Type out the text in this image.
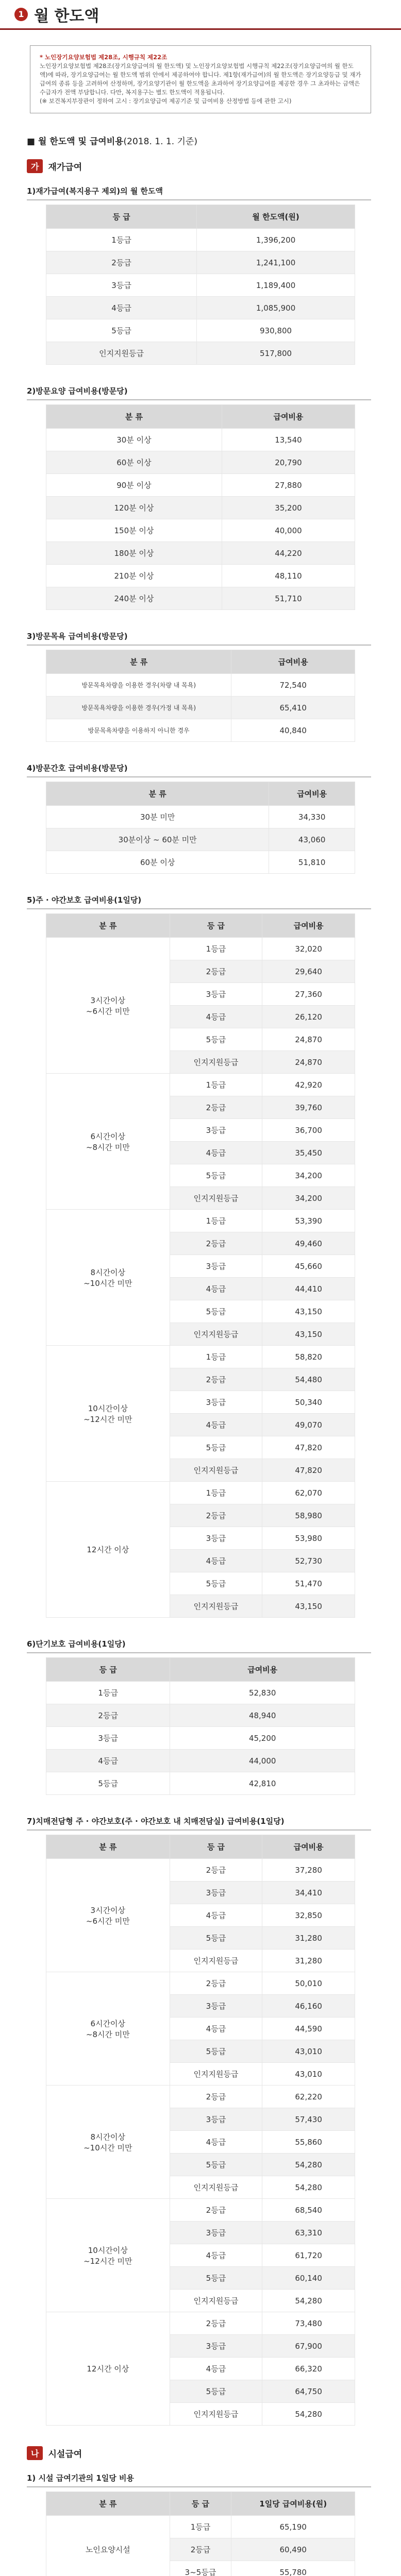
1 월 한도액

* 노인장기요양보험법 제28조, 시행규칙 제22조

노인장기요양보험법 제28조(장기요양급여의 월 한도액) 및 노인장기요양보험법 시행규칙 제22조(장기요양급여의 월 한도액)에 따라, 장기요양급여는 월 한도액 범위 안에서 제공하여야 합니다. 제1항(재가급여)의 월 한도액은 장기요양등급 및 재가급여의 종류 등을 고려하여 산정하며, 장기요양기관이 월 한도액을 초과하여 장기요양급여를 제공한 경우 그 초과하는 금액은 수급자가 전액 부담합니다. 다만, 복지용구는 별도 한도액이 적용됩니다.

(※ 보건복지부장관이 정하여 고시 : 장기요양급여 제공기준 및 급여비용 산정방법 등에 관한 고시)

■ 월 한도액 및 급여비용(2018. 1. 1. 기준)
가	재가급여
1)재가급여(복지용구 제외)의 월 한도액
등 급	월 한도액(원)
1등급	1,396,200
2등급	1,241,100
3등급	1,189,400
4등급	1,085,900
5등급	930,800
인지지원등급	517,800
2)방문요양 급여비용(방문당)
분 류	급여비용
30분 이상	13,540
60분 이상	20,790
90분 이상	27,880
120분 이상	35,200
150분 이상	40,000
180분 이상	44,220
210분 이상	48,110
240분 이상	51,710
3)방문목욕 급여비용(방문당)
분 류	급여비용
방문목욕차량을 이용한 경우(차량 내 목욕)	72,540
방문목욕차량을 이용한 경우(가정 내 목욕)	65,410
방문목욕차량을 이용하지 아니한 경우	40,840
4)방문간호 급여비용(방문당)
분 류	급여비용
30분 미만	34,330
30분이상 ~ 60분 미만	43,060
60분 이상	51,810
5)주 · 야간보호 급여비용(1일당)
분 류	등 급	급여비용

3시간이상
~6시간 미만	1등급	32,020
	2등급	29,640
	3등급	27,360
	4등급	26,120
	5등급	24,870
	인지지원등급	24,870

6시간이상
~8시간 미만	1등급	42,920
	2등급	39,760
	3등급	36,700
	4등급	35,450
	5등급	34,200
	인지지원등급	34,200

8시간이상
~10시간 미만	1등급	53,390
	2등급	49,460
	3등급	45,660
	4등급	44,410
	5등급	43,150
	인지지원등급	43,150

10시간이상
~12시간 미만	1등급	58,820
	2등급	54,480
	3등급	50,340
	4등급	49,070
	5등급	47,820
	인지지원등급	47,820

12시간 이상	1등급	62,070
	2등급	58,980
	3등급	53,980
	4등급	52,730
	5등급	51,470
	인지지원등급	43,150
6)단기보호 급여비용(1일당)
등 급	급여비용
1등급	52,830
2등급	48,940
3등급	45,200
4등급	44,000
5등급	42,810
7)치매전담형 주 · 야간보호(주 · 야간보호 내 치매전담실) 급여비용(1일당)
분 류	등 급	급여비용

3시간이상
~6시간 미만	2등급	37,280
	3등급	34,410
	4등급	32,850
	5등급	31,280
	인지지원등급	31,280

6시간이상
~8시간 미만	2등급	50,010
	3등급	46,160
	4등급	44,590
	5등급	43,010
	인지지원등급	43,010

8시간이상
~10시간 미만	2등급	62,220
	3등급	57,430
	4등급	55,860
	5등급	54,280
	인지지원등급	54,280

10시간이상
~12시간 미만	2등급	68,540
	3등급	63,310
	4등급	61,720
	5등급	60,140
	인지지원등급	54,280

12시간 이상	2등급	73,480
	3등급	67,900
	4등급	66,320
	5등급	64,750
	인지지원등급	54,280
나	시설급여
1) 시설 급여기관의 1일당 비용
분 류	등 급	1일당 급여비용(원)
노인요양시설	1등급	65,190
	2등급	60,490
	3~5등급	55,780
